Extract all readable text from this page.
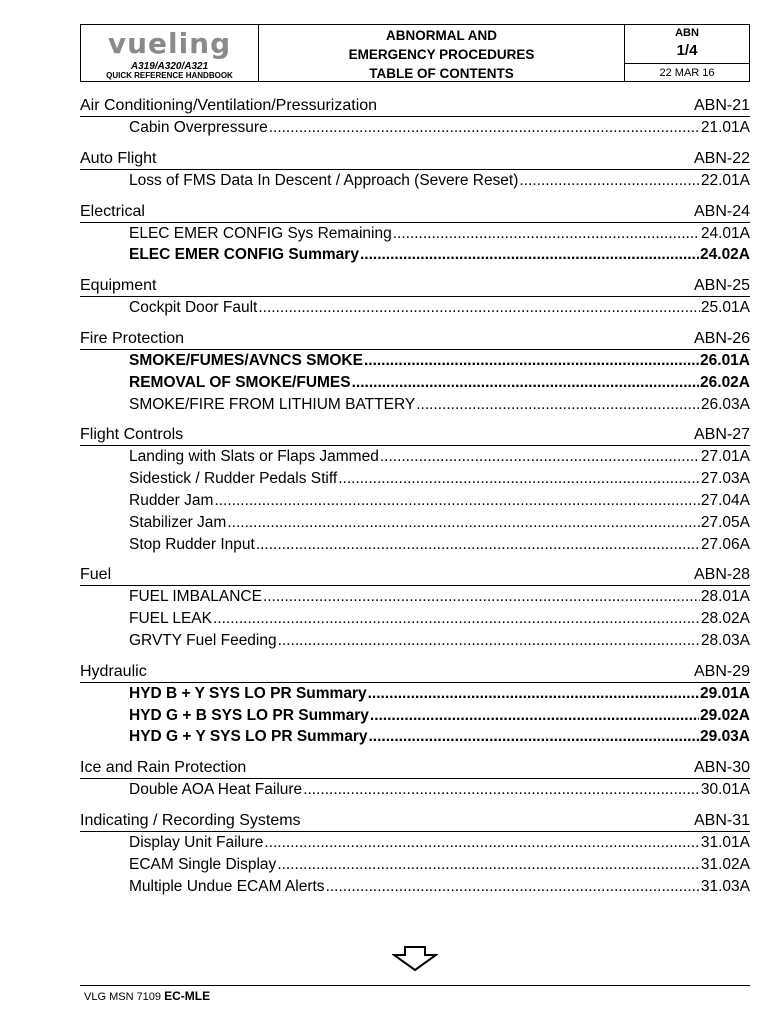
vueling
A319/A320/A321
QUICK REFERENCE HANDBOOK
ABNORMAL AND
EMERGENCY PROCEDURES
TABLE OF CONTENTS
ABN
1/4
22 MAR 16
Air Conditioning/Ventilation/Pressurization	ABN-21
Cabin Overpressure .....	21.01A
Auto Flight	ABN-22
Loss of FMS Data In Descent / Approach (Severe Reset) .....	22.01A
Electrical	ABN-24
ELEC EMER CONFIG Sys Remaining .....	24.01A
ELEC EMER CONFIG Summary .....	24.02A
Equipment	ABN-25
Cockpit Door Fault .....	25.01A
Fire Protection	ABN-26
SMOKE/FUMES/AVNCS SMOKE .....	26.01A
REMOVAL OF SMOKE/FUMES .....	26.02A
SMOKE/FIRE FROM LITHIUM BATTERY .....	26.03A
Flight Controls	ABN-27
Landing with Slats or Flaps Jammed .....	27.01A
Sidestick / Rudder Pedals Stiff .....	27.03A
Rudder Jam .....	27.04A
Stabilizer Jam .....	27.05A
Stop Rudder Input .....	27.06A
Fuel	ABN-28
FUEL IMBALANCE .....	28.01A
FUEL LEAK .....	28.02A
GRVTY Fuel Feeding .....	28.03A
Hydraulic	ABN-29
HYD B + Y SYS LO PR Summary .....	29.01A
HYD G + B SYS LO PR Summary .....	29.02A
HYD G + Y SYS LO PR Summary .....	29.03A
Ice and Rain Protection	ABN-30
Double AOA Heat Failure .....	30.01A
Indicating / Recording Systems	ABN-31
Display Unit Failure .....	31.01A
ECAM Single Display .....	31.02A
Multiple Undue ECAM Alerts .....	31.03A
VLG MSN 7109 EC-MLE
